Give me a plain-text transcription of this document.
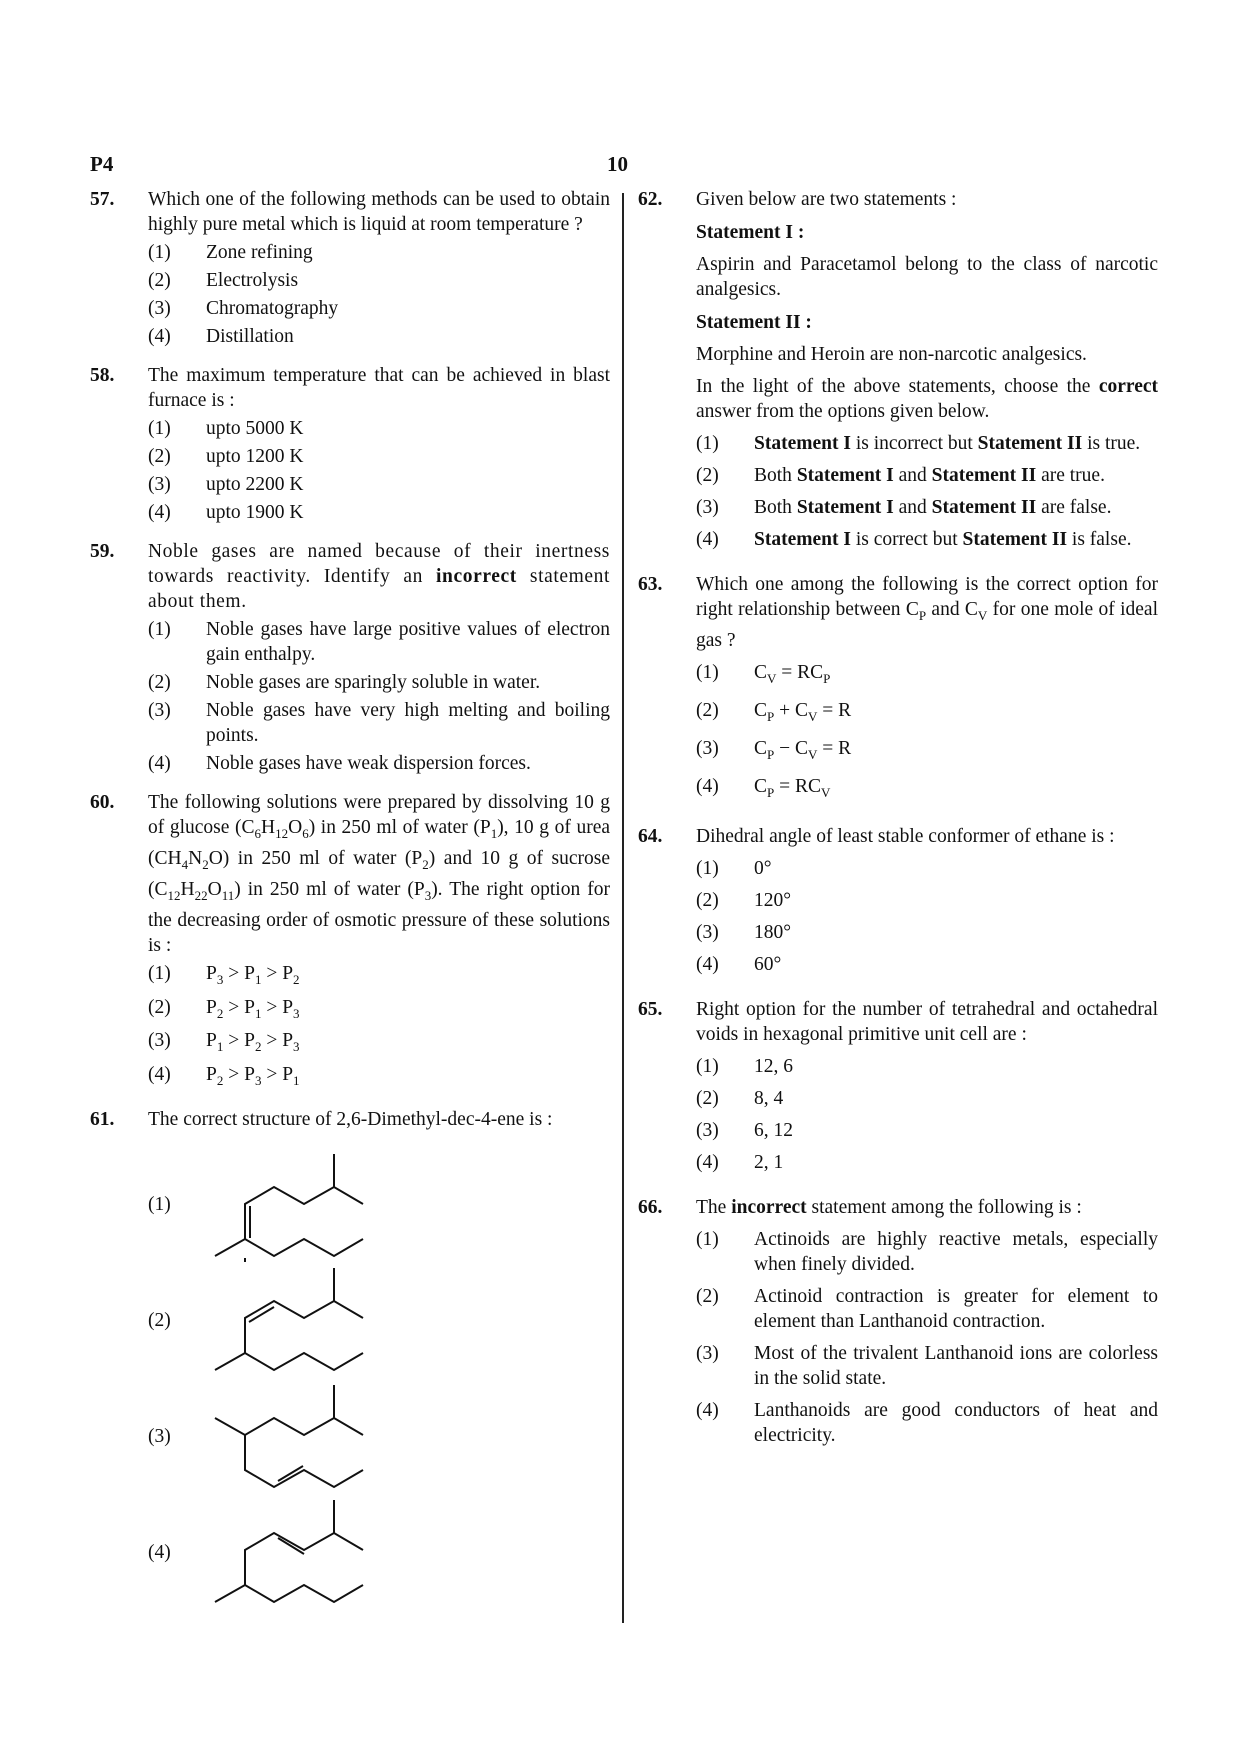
P4	10
57. Which one of the following methods can be used to obtain highly pure metal which is liquid at room temperature ?
(1) Zone refining
(2) Electrolysis
(3) Chromatography
(4) Distillation
58. The maximum temperature that can be achieved in blast furnace is :
(1) upto 5000 K
(2) upto 1200 K
(3) upto 2200 K
(4) upto 1900 K
59. Noble gases are named because of their inertness towards reactivity. Identify an incorrect statement about them.
(1) Noble gases have large positive values of electron gain enthalpy.
(2) Noble gases are sparingly soluble in water.
(3) Noble gases have very high melting and boiling points.
(4) Noble gases have weak dispersion forces.
60. The following solutions were prepared by dissolving 10 g of glucose $(C_6H_{12}O_6)$ in 250 ml of water $(P_1)$, 10 g of urea $(CH_4N_2O)$ in 250 ml of water $(P_2)$ and 10 g of sucrose $(C_{12}H_{22}O_{11})$ in 250 ml of water $(P_3)$. The right option for the decreasing order of osmotic pressure of these solutions is :
(1) $P_3 > P_1 > P_2$
(2) $P_2 > P_1 > P_3$
(3) $P_1 > P_2 > P_3$
(4) $P_2 > P_3 > P_1$
61. The correct structure of 2,6-Dimethyl-dec-4-ene is :
(1)
(2)
(3)
(4)
62. Given below are two statements :
Statement I :
Aspirin and Paracetamol belong to the class of narcotic analgesics.
Statement II :
Morphine and Heroin are non-narcotic analgesics.
In the light of the above statements, choose the correct answer from the options given below.
(1) Statement I is incorrect but Statement II is true.
(2) Both Statement I and Statement II are true.
(3) Both Statement I and Statement II are false.
(4) Statement I is correct but Statement II is false.
63. Which one among the following is the correct option for right relationship between $C_P$ and $C_V$ for one mole of ideal gas ?
(1) $C_V = RC_P$
(2) $C_P + C_V = R$
(3) $C_P - C_V = R$
(4) $C_P = RC_V$
64. Dihedral angle of least stable conformer of ethane is :
(1) 0°
(2) 120°
(3) 180°
(4) 60°
65. Right option for the number of tetrahedral and octahedral voids in hexagonal primitive unit cell are :
(1) 12, 6
(2) 8, 4
(3) 6, 12
(4) 2, 1
66. The incorrect statement among the following is :
(1) Actinoids are highly reactive metals, especially when finely divided.
(2) Actinoid contraction is greater for element to element than Lanthanoid contraction.
(3) Most of the trivalent Lanthanoid ions are colorless in the solid state.
(4) Lanthanoids are good conductors of heat and electricity.
